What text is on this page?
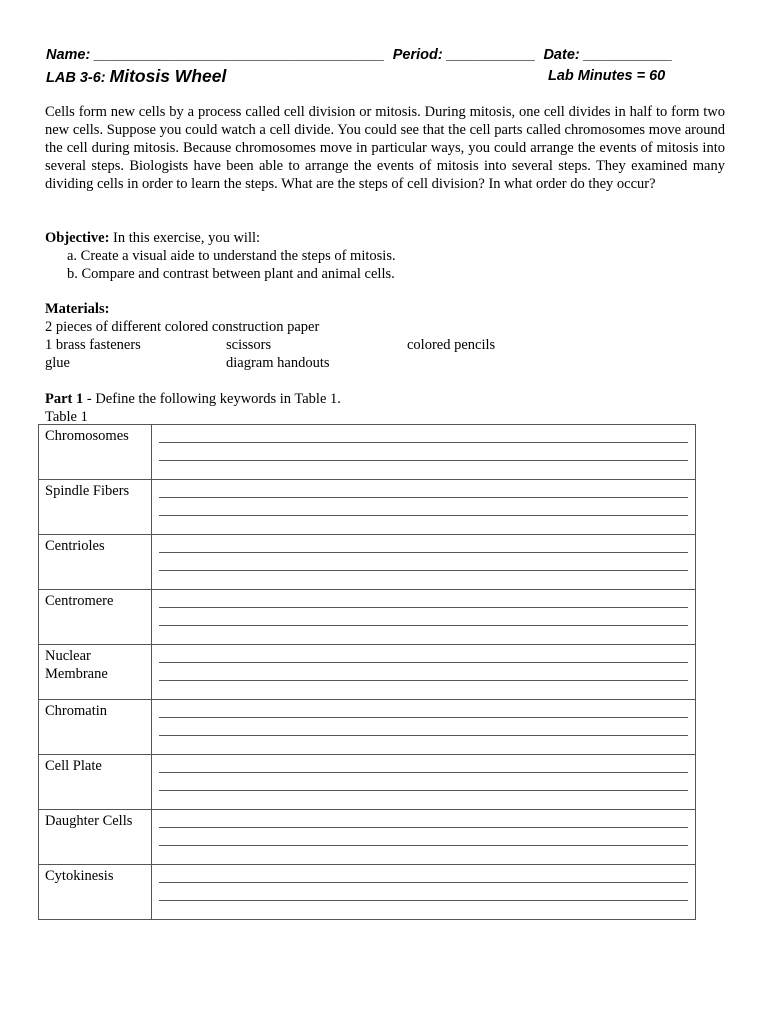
Name: ____________________________________  Period: ___________  Date: ___________
LAB 3-6: Mitosis Wheel	Lab Minutes = 60

Cells form new cells by a process called cell division or mitosis. During mitosis, one cell divides in half to form two new cells. Suppose you could watch a cell divide. You could see that the cell parts called chromosomes move around the cell during mitosis. Because chromosomes move in particular ways, you could arrange the events of mitosis into several steps. Biologists have been able to arrange the events of mitosis into several steps. They examined many dividing cells in order to learn the steps. What are the steps of cell division? In what order do they occur?

Objective: In this exercise, you will:
a. Create a visual aide to understand the steps of mitosis.
b. Compare and contrast between plant and animal cells.
Materials:
2 pieces of different colored construction paper
1 brass fasteners	scissors	colored pencils
glue	diagram handouts
Part 1 - Define the following keywords in Table 1.
Table 1
Chromosomes	

Spindle Fibers	

Centrioles	

Centromere	

Nuclear Membrane	

Chromatin	

Cell Plate	

Daughter Cells	

Cytokinesis	
